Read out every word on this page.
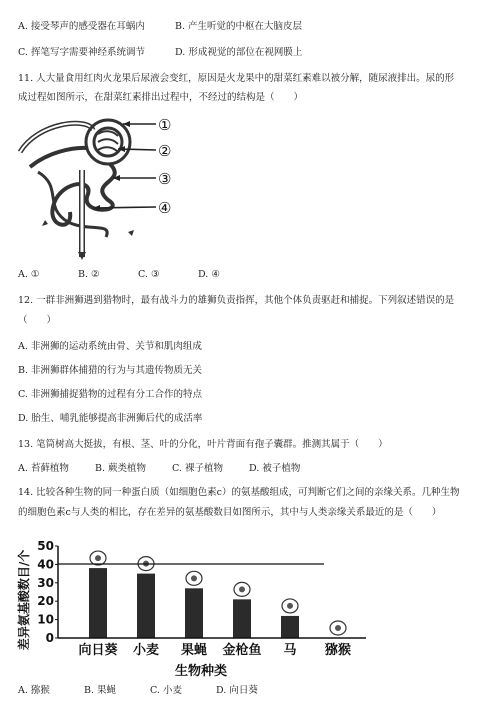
A. 接受琴声的感受器在耳蜗内	B. 产生听觉的中枢在大脑皮层
C. 挥笔写字需要神经系统调节	D. 形成视觉的部位在视网膜上
11. 人大量食用红肉火龙果后尿液会变红，原因是火龙果中的甜菜红素难以被分解，随尿液排出。尿的形
成过程如图所示，在甜菜红素排出过程中，不经过的结构是（　　）
①
②
③
④
A. ①	B. ②	C. ③	D. ④
12. 一群非洲狮遇到猎物时，最有战斗力的雄狮负责指挥，其他个体负责驱赶和捕捉。下列叙述错误的是
（　　）
A. 非洲狮的运动系统由骨、关节和肌肉组成
B. 非洲狮群体捕猎的行为与其遗传物质无关
C. 非洲狮捕捉猎物的过程有分工合作的特点
D. 胎生、哺乳能够提高非洲狮后代的成活率
13. 笔筒树高大挺拔，有根、茎、叶的分化，叶片背面有孢子囊群。推测其属于（　　）
A. 苔藓植物	B. 蕨类植物	C. 裸子植物	D. 被子植物
14. 比较各种生物的同一种蛋白质（如细胞色素c）的氨基酸组成，可判断它们之间的亲缘关系。几种生物
的细胞色素c与人类的相比，存在差异的氨基酸数目如图所示，其中与人类亲缘关系最近的是（　　）
差异氨基酸数目/个 0
10
20
30
40
50
向日葵 小麦 果蝇 金枪鱼 马 猕猴
生物种类
A. 猕猴	B. 果蝇	C. 小麦	D. 向日葵
